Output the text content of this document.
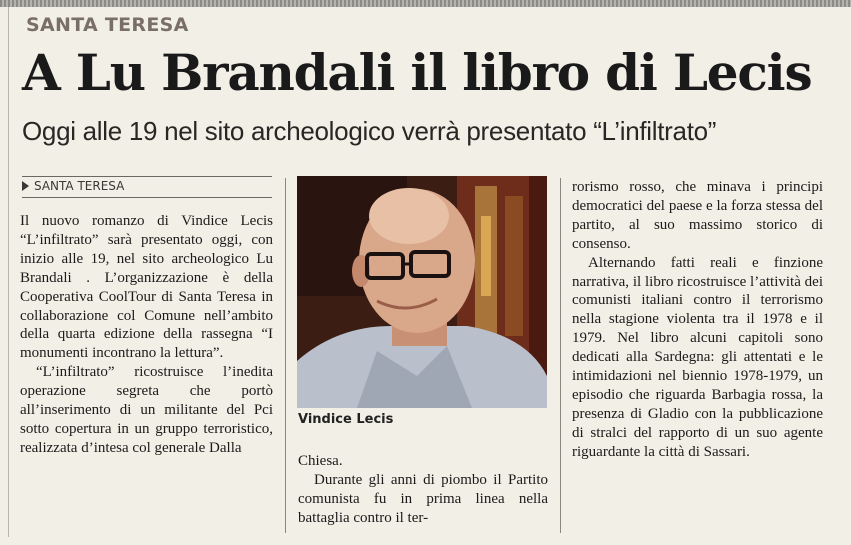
SANTA TERESA

A Lu Brandali il libro di Lecis

Oggi alle 19 nel sito archeologico verrà presentato “L’infiltrato”

SANTA TERESA

Il nuovo romanzo di Vindice Lecis “L’infiltrato” sarà presentato oggi, con inizio alle 19, nel sito archeologico Lu Brandali . L’organizzazione è della Cooperativa CoolTour di Santa Teresa in collaborazione col Comune nell’ambito della quarta edizione della rassegna “I monumenti incontrano la lettura”.

“L’infiltrato” ricostruisce l’inedita operazione segreta che portò all’inserimento di un militante del Pci sotto copertura in un gruppo terroristico, realizzata d’intesa col generale Dalla

Vindice Lecis

Chiesa.

Durante gli anni di piombo il Partito comunista fu in prima linea nella battaglia contro il ter-

rorismo rosso, che minava i principi democratici del paese e la forza stessa del partito, al suo massimo storico di consenso.

Alternando fatti reali e finzione narrativa, il libro ricostruisce l’attività dei comunisti italiani contro il terrorismo nella stagione violenta tra il 1978 e il 1979. Nel libro alcuni capitoli sono dedicati alla Sardegna: gli attentati e le intimidazioni nel biennio 1978-1979, un episodio che riguarda Barbagia rossa, la presenza di Gladio con la pubblicazione di stralci del rapporto di un suo agente riguardante la città di Sassari.
